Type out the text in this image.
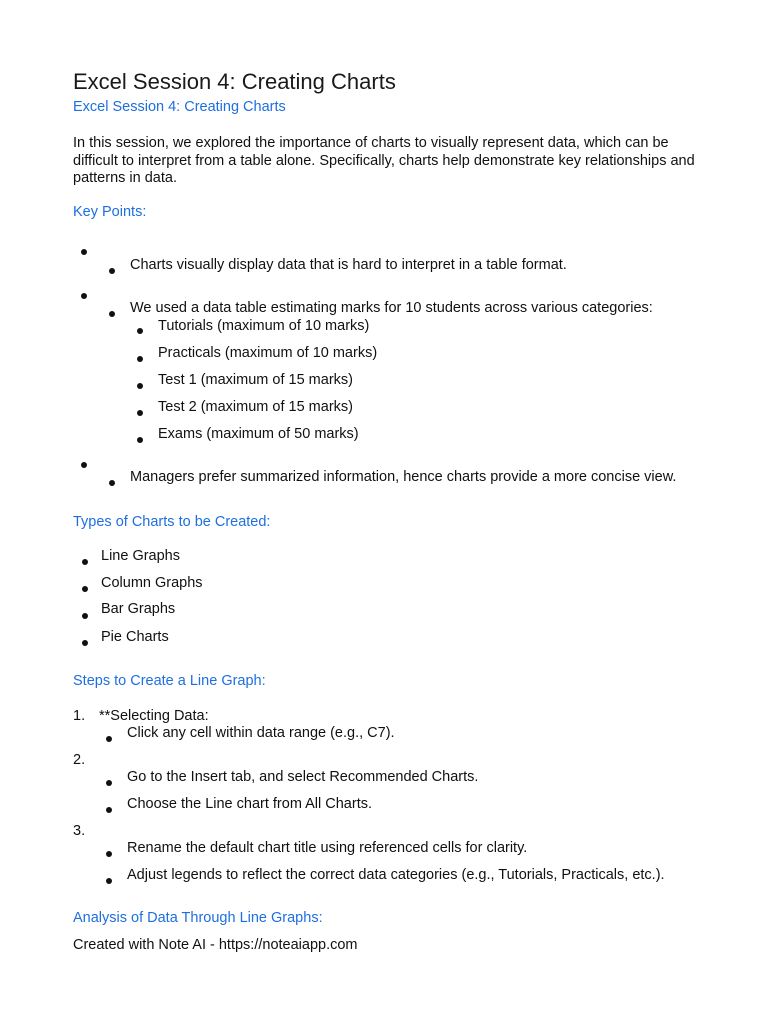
Excel Session 4: Creating Charts
Excel Session 4: Creating Charts
In this session, we explored the importance of charts to visually represent data, which can be difficult to interpret from a table alone. Specifically, charts help demonstrate key relationships and patterns in data.
Key Points:
Charts visually display data that is hard to interpret in a table format.
We used a data table estimating marks for 10 students across various categories:
Tutorials (maximum of 10 marks)
Practicals (maximum of 10 marks)
Test 1 (maximum of 15 marks)
Test 2 (maximum of 15 marks)
Exams (maximum of 50 marks)
Managers prefer summarized information, hence charts provide a more concise view.
Types of Charts to be Created:
Line Graphs
Column Graphs
Bar Graphs
Pie Charts
Steps to Create a Line Graph:
1. **Selecting Data:
Click any cell within data range (e.g., C7).
2.
Go to the Insert tab, and select Recommended Charts.
Choose the Line chart from All Charts.
3.
Rename the default chart title using referenced cells for clarity.
Adjust legends to reflect the correct data categories (e.g., Tutorials, Practicals, etc.).
Analysis of Data Through Line Graphs:
Created with Note AI - https://noteaiapp.com
